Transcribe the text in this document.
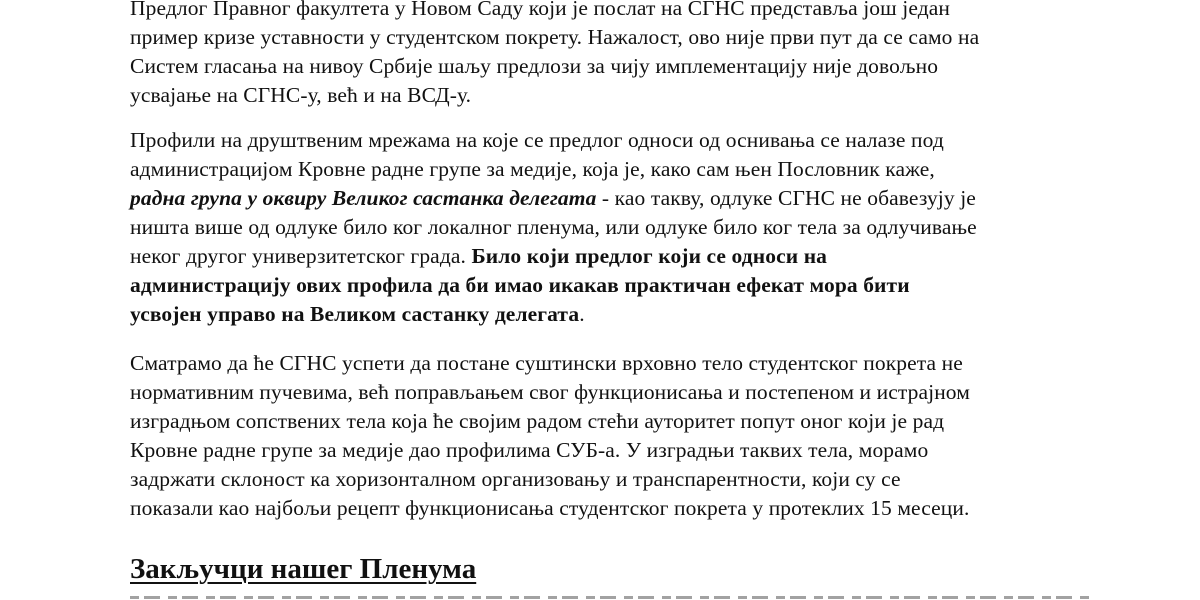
Предлог Правног факултета у Новом Саду који је послат на СГНС представља још један
пример кризе уставности у студентском покрету. Нажалост, ово није први пут да се само на
Систем гласања на нивоу Србије шаљу предлози за чију имплементацију није довољно
усвајање на СГНС-у, већ и на ВСД-у.
Профили на друштвеним мрежама на које се предлог односи од оснивања се налазе под
администрацијом Кровне радне групе за медије, која је, како сам њен Пословник каже,
радна група у оквиру Великог састанка делегата - као такву, одлуке СГНС не обавезују је
ништа више од одлуке било ког локалног пленума, или одлуке било ког тела за одлучивање
неког другог универзитетског града. Било који предлог који се односи на
администрацију ових профила да би имао икакав практичан ефекат мора бити
усвојен управо на Великом састанку делегата.
Сматрамо да ће СГНС успети да постане суштински врховно тело студентског покрета не
нормативним пучевима, већ поправљањем свог функционисања и постепеном и истрајном
изградњом сопствених тела која ће својим радом стећи ауторитет попут оног који је рад
Кровне радне групе за медије дао профилима СУБ-а. У изградњи таквих тела, морамо
задржати склоност ка хоризонталном организовању и транспарентности, који су се
показали као најбољи рецепт функционисања студентског покрета у протеклих 15 месеци.
Закључци нашег Пленума
